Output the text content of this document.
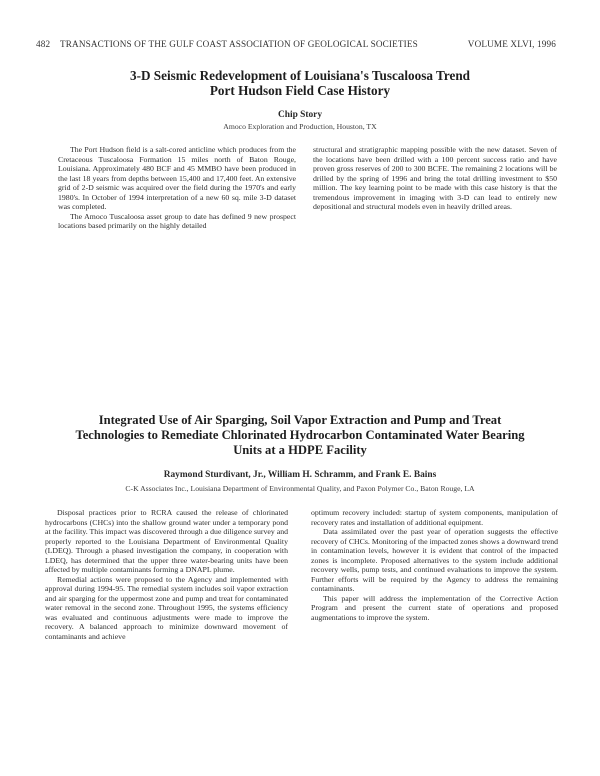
482 TRANSACTIONS OF THE GULF COAST ASSOCIATION OF GEOLOGICAL SOCIETIES	VOLUME XLVI, 1996
3-D Seismic Redevelopment of Louisiana's Tuscaloosa Trend
Port Hudson Field Case History
Chip Story
Amoco Exploration and Production, Houston, TX

The Port Hudson field is a salt-cored anticline which produces from the Cretaceous Tuscaloosa Formation 15 miles north of Baton Rouge, Louisiana. Approximately 480 BCF and 45 MMBO have been produced in the last 18 years from depths between 15,400 and 17,400 feet. An extensive grid of 2-D seismic was acquired over the field during the 1970's and early 1980's. In October of 1994 interpretation of a new 60 sq. mile 3-D dataset was completed.

The Amoco Tuscaloosa asset group to date has defined 9 new prospect locations based primarily on the highly detailed

structural and stratigraphic mapping possible with the new dataset. Seven of the locations have been drilled with a 100 percent success ratio and have proven gross reserves of 200 to 300 BCFE. The remaining 2 locations will be drilled by the spring of 1996 and bring the total drilling investment to $50 million. The key learning point to be made with this case history is that the tremendous improvement in imaging with 3-D can lead to entirely new depositional and structural models even in heavily drilled areas.

Integrated Use of Air Sparging, Soil Vapor Extraction and Pump and Treat
Technologies to Remediate Chlorinated Hydrocarbon Contaminated Water Bearing
Units at a HDPE Facility
Raymond Sturdivant, Jr., William H. Schramm, and Frank E. Bains
C-K Associates Inc., Louisiana Department of Environmental Quality, and Paxon Polymer Co., Baton Rouge, LA

Disposal practices prior to RCRA caused the release of chlorinated hydrocarbons (CHCs) into the shallow ground water under a temporary pond at the facility. This impact was discovered through a due diligence survey and properly reported to the Louisiana Department of Environmental Quality (LDEQ). Through a phased investigation the company, in cooperation with LDEQ, has determined that the upper three water-bearing units have been affected by multiple contaminants forming a DNAPL plume.

Remedial actions were proposed to the Agency and implemented with approval during 1994-95. The remedial system includes soil vapor extraction and air sparging for the uppermost zone and pump and treat for contaminated water removal in the second zone. Throughout 1995, the systems efficiency was evaluated and continuous adjustments were made to improve the recovery. A balanced approach to minimize downward movement of contaminants and achieve

optimum recovery included: startup of system components, manipulation of recovery rates and installation of additional equipment.

Data assimilated over the past year of operation suggests the effective recovery of CHCs. Monitoring of the impacted zones shows a downward trend in contamination levels, however it is evident that control of the impacted zones is incomplete. Proposed alternatives to the system include additional recovery wells, pump tests, and continued evaluations to improve the system. Further efforts will be required by the Agency to address the remaining contaminants.

This paper will address the implementation of the Corrective Action Program and present the current state of operations and proposed augmentations to improve the system.
